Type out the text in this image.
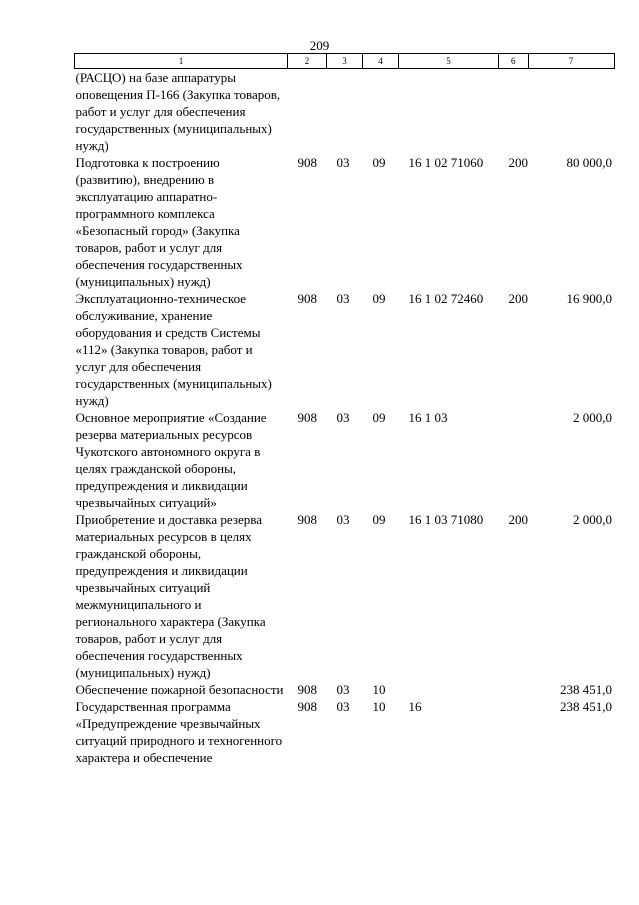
209
1	2	3	4	5	6	7
(РАСЦО) на базе аппаратуры оповещения П-166 (Закупка товаров, работ и услуг для обеспечения государственных (муниципальных) нужд)						
Подготовка к построению (развитию), внедрению в эксплуатацию аппаратно-программного комплекса «Безопасный город» (Закупка товаров, работ и услуг для обеспечения государственных (муниципальных) нужд)	908	03	09	16 1 02 71060	200	80 000,0
Эксплуатационно-техническое обслуживание, хранение оборудования и средств Системы «112» (Закупка товаров, работ и услуг для обеспечения государственных (муниципальных) нужд)	908	03	09	16 1 02 72460	200	16 900,0
Основное мероприятие «Создание резерва материальных ресурсов Чукотского автономного округа в целях гражданской обороны, предупреждения и ликвидации чрезвычайных ситуаций»	908	03	09	16 1 03		2 000,0
Приобретение и доставка резерва материальных ресурсов в целях гражданской обороны, предупреждения и ликвидации чрезвычайных ситуаций межмуниципального и регионального характера (Закупка товаров, работ и услуг для обеспечения государственных (муниципальных) нужд)	908	03	09	16 1 03 71080	200	2 000,0
Обеспечение пожарной безопасности	908	03	10			238 451,0
Государственная программа «Предупреждение чрезвычайных ситуаций природного и техногенного характера и обеспечение	908	03	10	16		238 451,0
